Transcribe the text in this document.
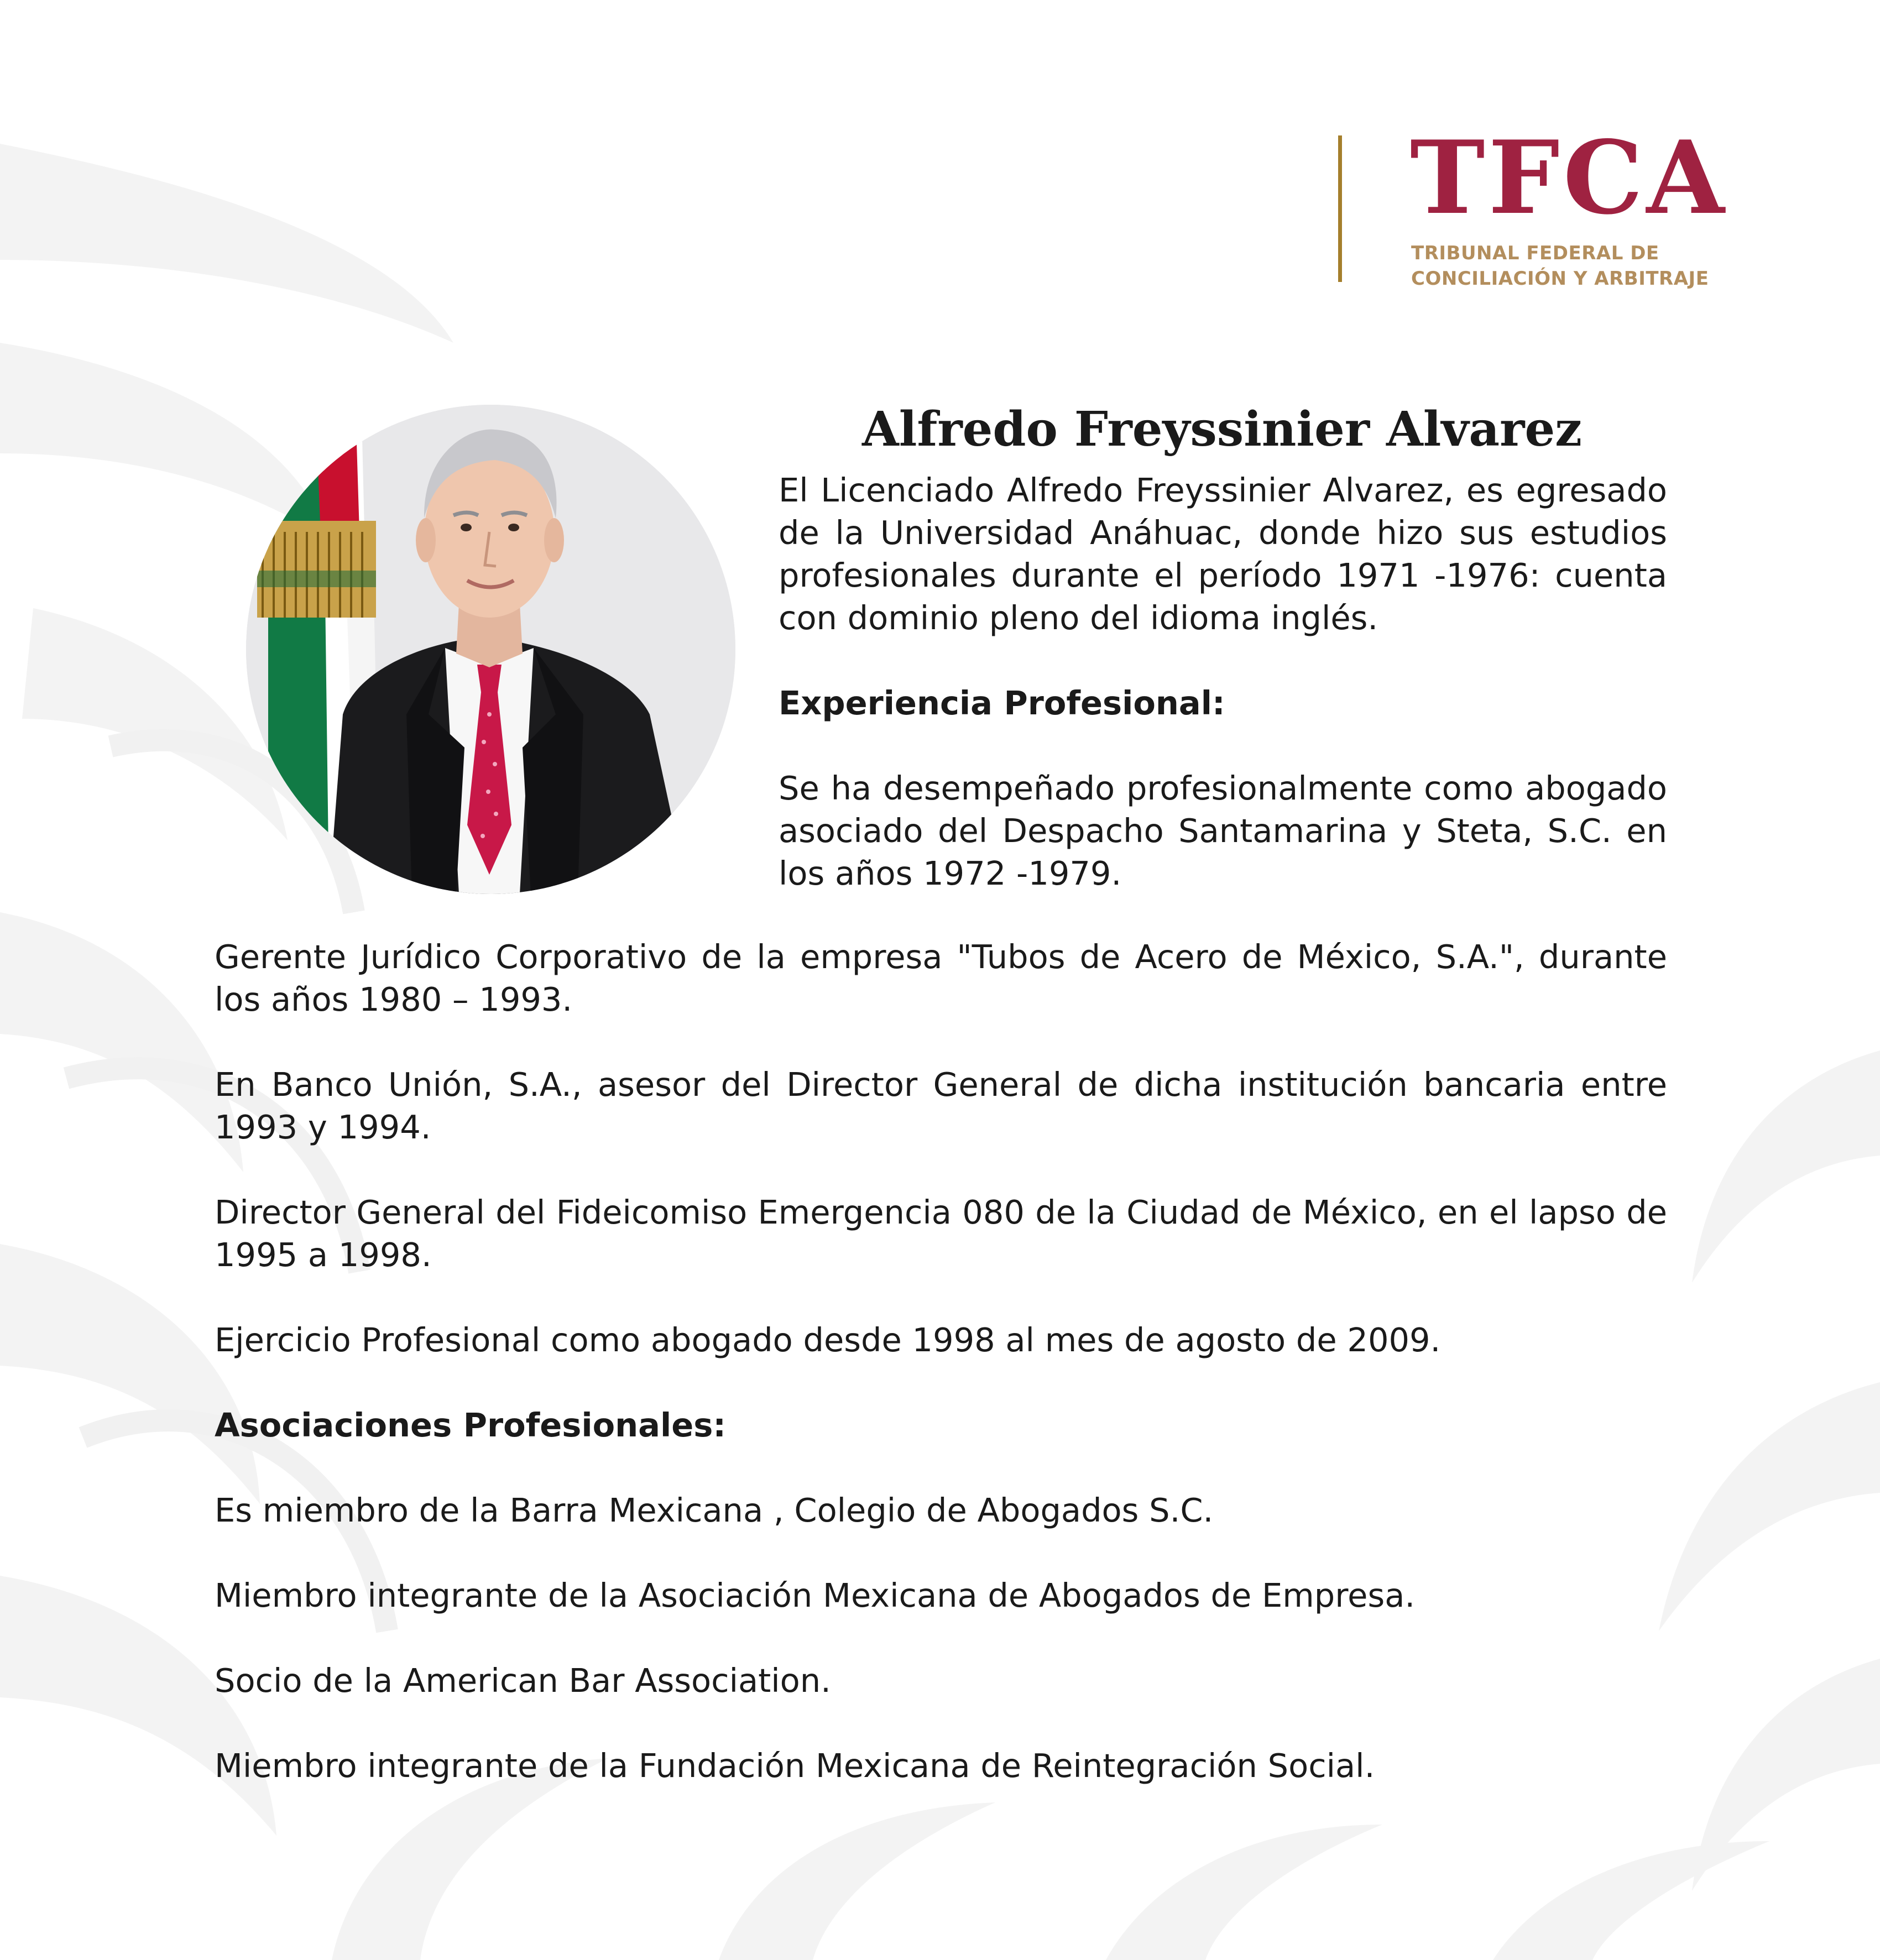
TFCA
TRIBUNAL FEDERAL DE
CONCILIACIÓN Y ARBITRAJE
Alfredo Freyssinier Alvarez

El Licenciado Alfredo Freyssinier Alvarez, es egresado de la Universidad Anáhuac, donde hizo sus estudios profesionales durante el período 1971 -1976: cuenta con dominio pleno del idioma inglés.

Experiencia Profesional:

Se ha desempeñado profesionalmente como abogado asociado del Despacho Santamarina y Steta, S.C. en los años 1972 -1979.

Gerente Jurídico Corporativo de la empresa "Tubos de Acero de México, S.A.", durante los años 1980 – 1993.

En Banco Unión, S.A., asesor del Director General de dicha institución bancaria entre 1993 y 1994.

Director General del Fideicomiso Emergencia 080 de la Ciudad de México, en el lapso de 1995 a 1998.

Ejercicio Profesional como abogado desde 1998 al mes de agosto de 2009.

Asociaciones Profesionales:

Es miembro de la Barra Mexicana , Colegio de Abogados S.C.

Miembro integrante de la Asociación Mexicana de Abogados de Empresa.

Socio de la American Bar Association.

Miembro integrante de la Fundación Mexicana de Reintegración Social.
